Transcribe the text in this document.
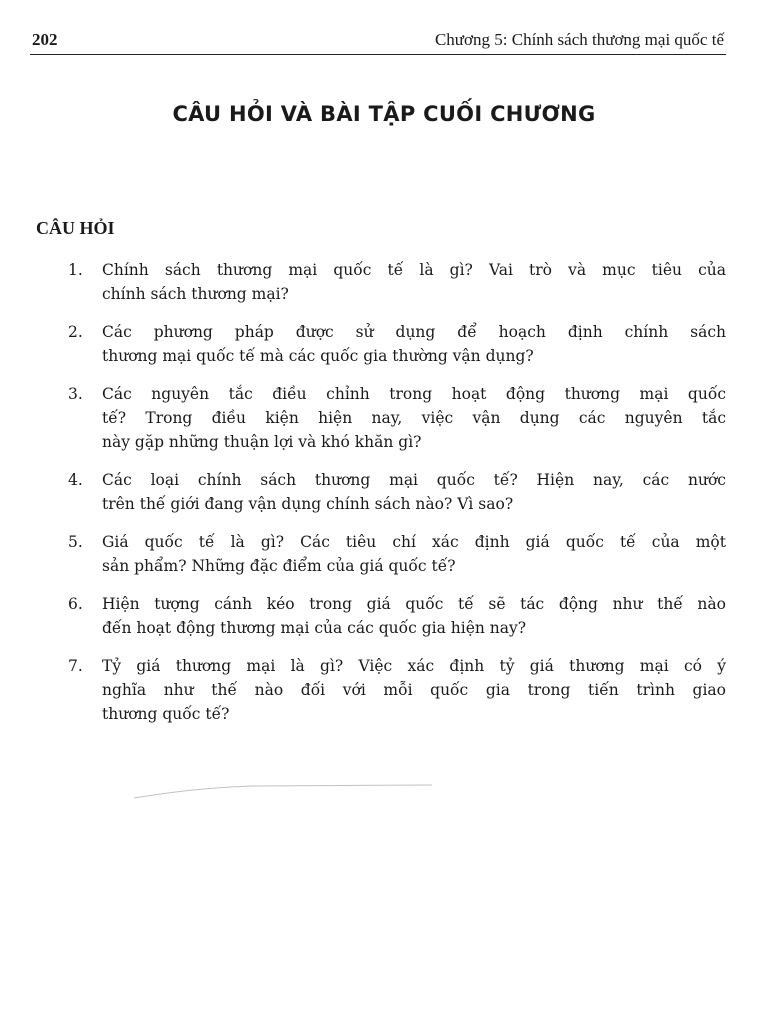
202	Chương 5: Chính sách thương mại quốc tế
CÂU HỎI VÀ BÀI TẬP CUỐI CHƯƠNG
CÂU HỎI
1.	Chính sách thương mại quốc tế là gì? Vai trò và mục tiêu của
chính sách thương mại?
2.	Các phương pháp được sử dụng để hoạch định chính sách
thương mại quốc tế mà các quốc gia thường vận dụng?
3.	Các nguyên tắc điều chỉnh trong hoạt động thương mại quốc
tế? Trong điều kiện hiện nay, việc vận dụng các nguyên tắc
này gặp những thuận lợi và khó khăn gì?
4.	Các loại chính sách thương mại quốc tế? Hiện nay, các nước
trên thế giới đang vận dụng chính sách nào? Vì sao?
5.	Giá quốc tế là gì? Các tiêu chí xác định giá quốc tế của một
sản phẩm? Những đặc điểm của giá quốc tế?
6.	Hiện tượng cánh kéo trong giá quốc tế sẽ tác động như thế nào
đến hoạt động thương mại của các quốc gia hiện nay?
7.	Tỷ giá thương mại là gì? Việc xác định tỷ giá thương mại có ý
nghĩa như thế nào đối với mỗi quốc gia trong tiến trình giao
thương quốc tế?
